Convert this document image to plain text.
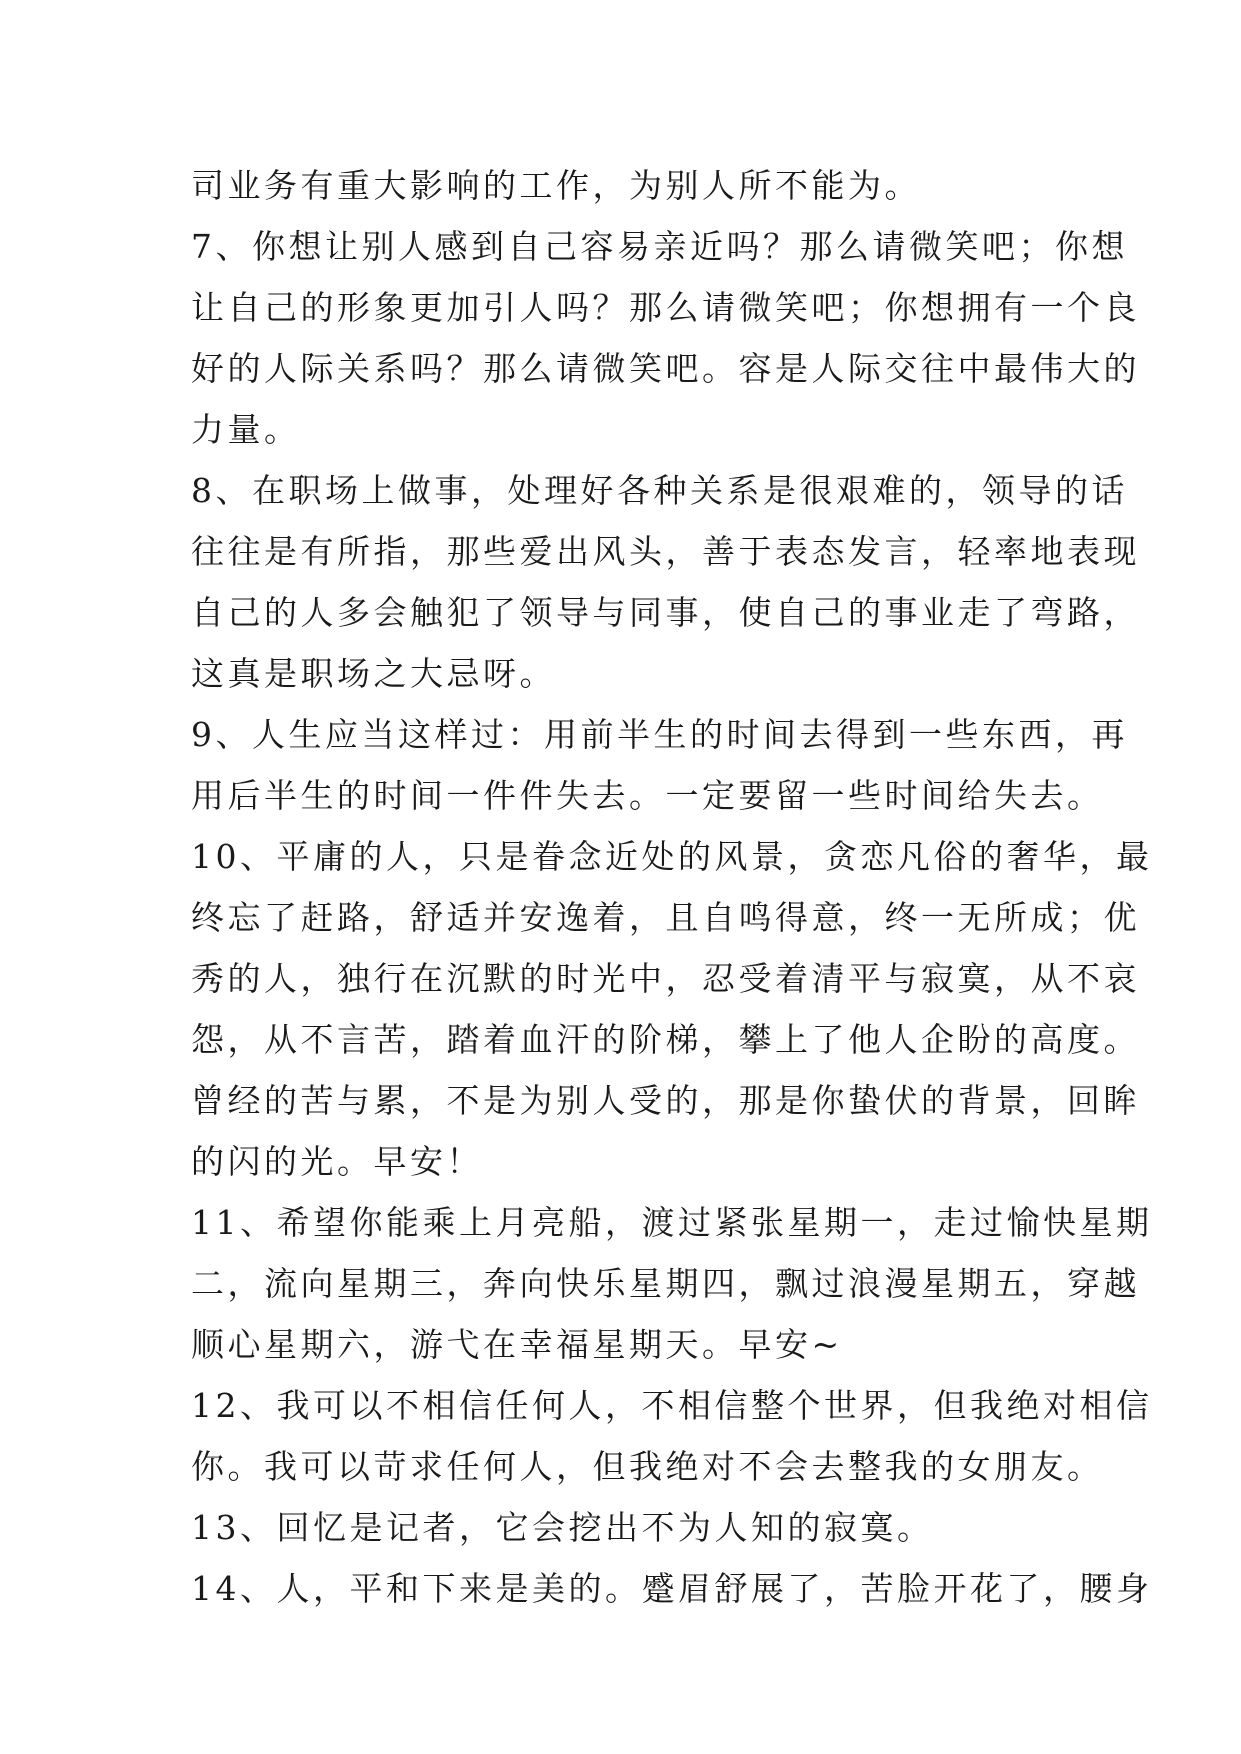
司业务有重大影响的工作，为别人所不能为。
7、你想让别人感到自己容易亲近吗？那么请微笑吧；你想
让自己的形象更加引人吗？那么请微笑吧；你想拥有一个良
好的人际关系吗？那么请微笑吧。容是人际交往中最伟大的
力量。
8、在职场上做事，处理好各种关系是很艰难的，领导的话
往往是有所指，那些爱出风头，善于表态发言，轻率地表现
自己的人多会触犯了领导与同事，使自己的事业走了弯路，
这真是职场之大忌呀。
9、人生应当这样过：用前半生的时间去得到一些东西，再
用后半生的时间一件件失去。一定要留一些时间给失去。
10、平庸的人，只是眷念近处的风景，贪恋凡俗的奢华，最
终忘了赶路，舒适并安逸着，且自鸣得意，终一无所成；优
秀的人，独行在沉默的时光中，忍受着清平与寂寞，从不哀
怨，从不言苦，踏着血汗的阶梯，攀上了他人企盼的高度。
曾经的苦与累，不是为别人受的，那是你蛰伏的背景，回眸
的闪的光。早安！
11、希望你能乘上月亮船，渡过紧张星期一，走过愉快星期
二，流向星期三，奔向快乐星期四，飘过浪漫星期五，穿越
顺心星期六，游弋在幸福星期天。早安~
12、我可以不相信任何人，不相信整个世界，但我绝对相信
你。我可以苛求任何人，但我绝对不会去整我的女朋友。
13、回忆是记者，它会挖出不为人知的寂寞。
14、人，平和下来是美的。蹙眉舒展了，苦脸开花了，腰身
